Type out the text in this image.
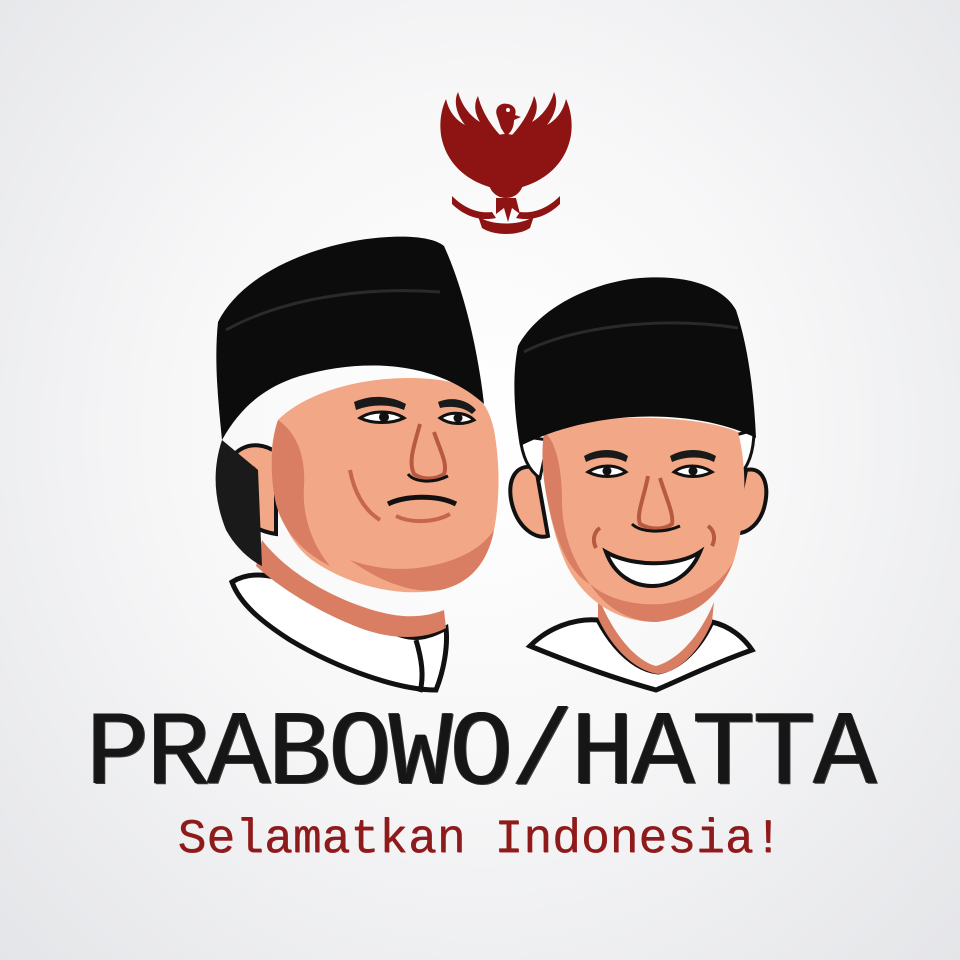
PRABOWO/HATTA
Selamatkan Indonesia!
